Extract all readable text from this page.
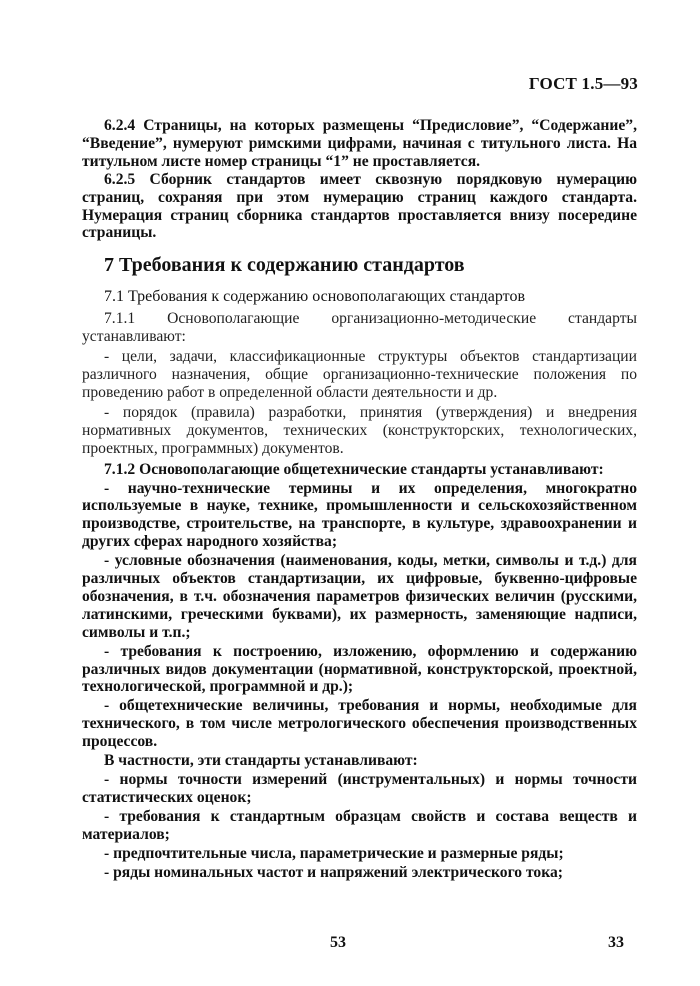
ГОСТ 1.5—93

6.2.4 Страницы, на которых размещены “Предисловие”, “Содержание”, “Введение”, нумеруют римскими цифрами, начиная с титульного листа. На титульном листе номер страницы “1” не проставляется.

6.2.5 Сборник стандартов имеет сквозную порядковую нумерацию страниц, сохраняя при этом нумерацию страниц каждого стандарта. Нумерация страниц сборника стандартов проставляется внизу посередине страницы.

7 Требования к содержанию стандартов
7.1 Требования к содержанию основополагающих стандартов

7.1.1 Основополагающие организационно-методические стандарты устанавливают:

- цели, задачи, классификационные структуры объектов стандартизации различного назначения, общие организационно-технические положения по проведению работ в определенной области деятельности и др.

- порядок (правила) разработки, принятия (утверждения) и внедрения нормативных документов, технических (конструкторских, технологических, проектных, программных) документов.

7.1.2 Основополагающие общетехнические стандарты устанавливают:

- научно-технические термины и их определения, многократно используемые в науке, технике, промышленности и сельскохозяйственном производстве, строительстве, на транспорте, в культуре, здравоохранении и других сферах народного хозяйства;

- условные обозначения (наименования, коды, метки, символы и т.д.) для различных объектов стандартизации, их цифровые, буквенно-цифровые обозначения, в т.ч. обозначения параметров физических величин (русскими, латинскими, греческими буквами), их размерность, заменяющие надписи, символы и т.п.;

- требования к построению, изложению, оформлению и содержанию различных видов документации (нормативной, конструкторской, проектной, технологической, программной и др.);

- общетехнические величины, требования и нормы, необходимые для технического, в том числе метрологического обеспечения производственных процессов.

В частности, эти стандарты устанавливают:

- нормы точности измерений (инструментальных) и нормы точности статистических оценок;

- требования к стандартным образцам свойств и состава веществ и материалов;

- предпочтительные числа, параметрические и размерные ряды;

- ряды номинальных частот и напряжений электрического тока;

53	33
